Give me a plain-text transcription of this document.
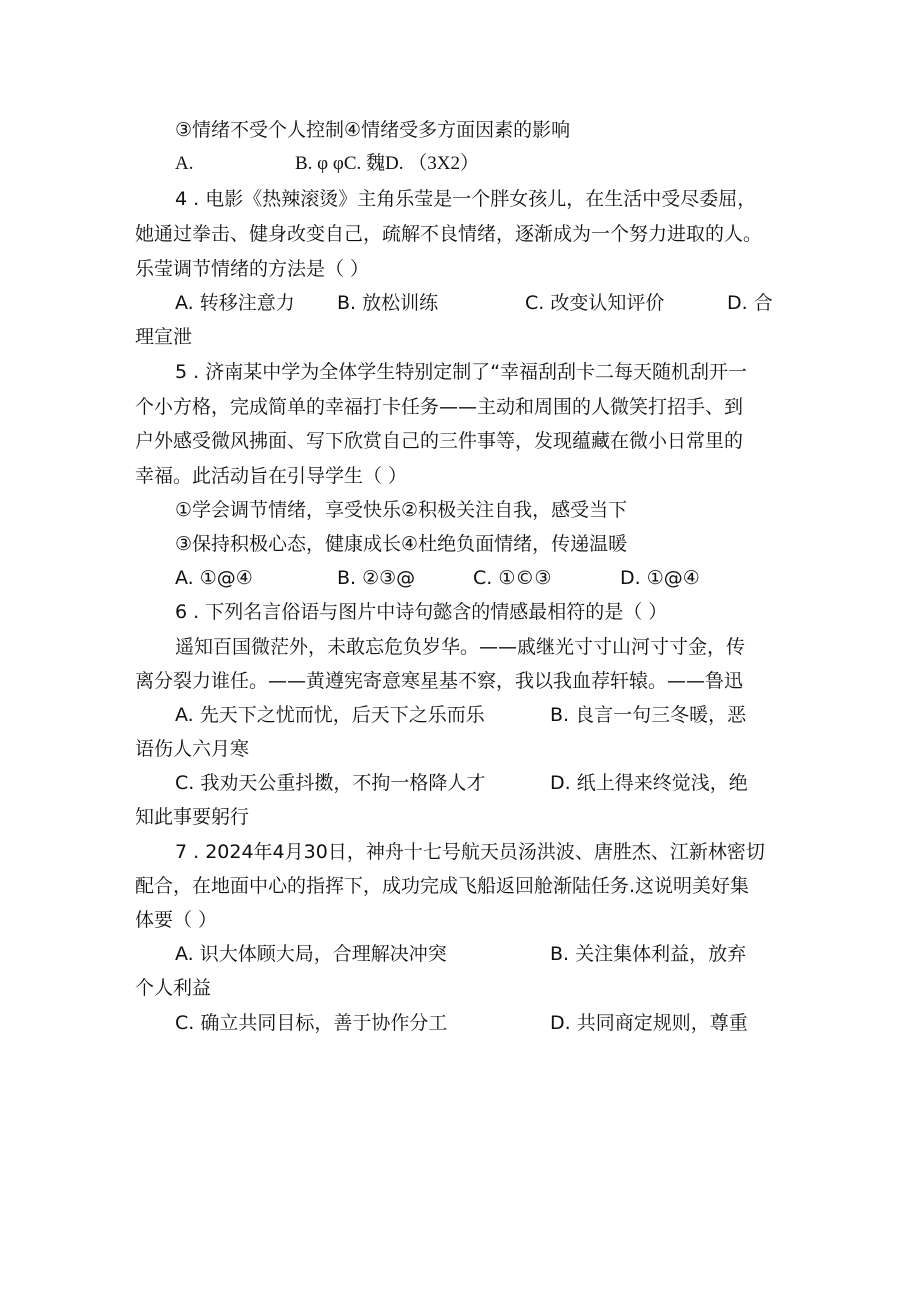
③情绪不受个人控制④情绪受多方面因素的影响
A.	B. φ φC. 魏D. （3X2）
4 . 电影《热辣滚烫》主角乐莹是一个胖女孩儿，在生活中受尽委屈，
她通过拳击、健身改变自己，疏解不良情绪，逐渐成为一个努力进取的人。
乐莹调节情绪的方法是（ ）
A. 转移注意力 B. 放松训练	C. 改变认知评价	D. 合
理宣泄
5 . 济南某中学为全体学生特别定制了“幸福刮刮卡二每天随机刮开一
个小方格，完成简单的幸福打卡任务——主动和周围的人微笑打招手、到
户外感受微风拂面、写下欣赏自己的三件事等，发现蕴藏在微小日常里的
幸福。此活动旨在引导学生（ ）
①学会调节情绪，享受快乐②积极关注自我，感受当下
③保持积极心态，健康成长④杜绝负面情绪，传递温暖
A. ①@④	B. ②③@	C. ①©③	D. ①@④
6 . 下列名言俗语与图片中诗句懿含的情感最相符的是（ ）
遥知百国微茫外，未敢忘危负岁华。——戚继光寸寸山河寸寸金，传
离分裂力谁任。——黄遵宪寄意寒星基不察，我以我血荐轩辕。——鲁迅
A. 先天下之忧而忧，后天下之乐而乐	B. 良言一句三冬暖，恶
语伤人六月寒
C. 我劝天公重抖擞，不拘一格降人才	D. 纸上得来终觉浅，绝
知此事要躬行
7 . 2024年4月30日，神舟十七号航天员汤洪波、唐胜杰、江新林密切
配合，在地面中心的指挥下，成功完成飞船返回舱渐陆任务.这说明美好集
体要（ ）
A. 识大体顾大局，合理解决冲突	B. 关注集体利益，放弃
个人利益
C. 确立共同目标，善于协作分工	D. 共同商定规则，尊重
